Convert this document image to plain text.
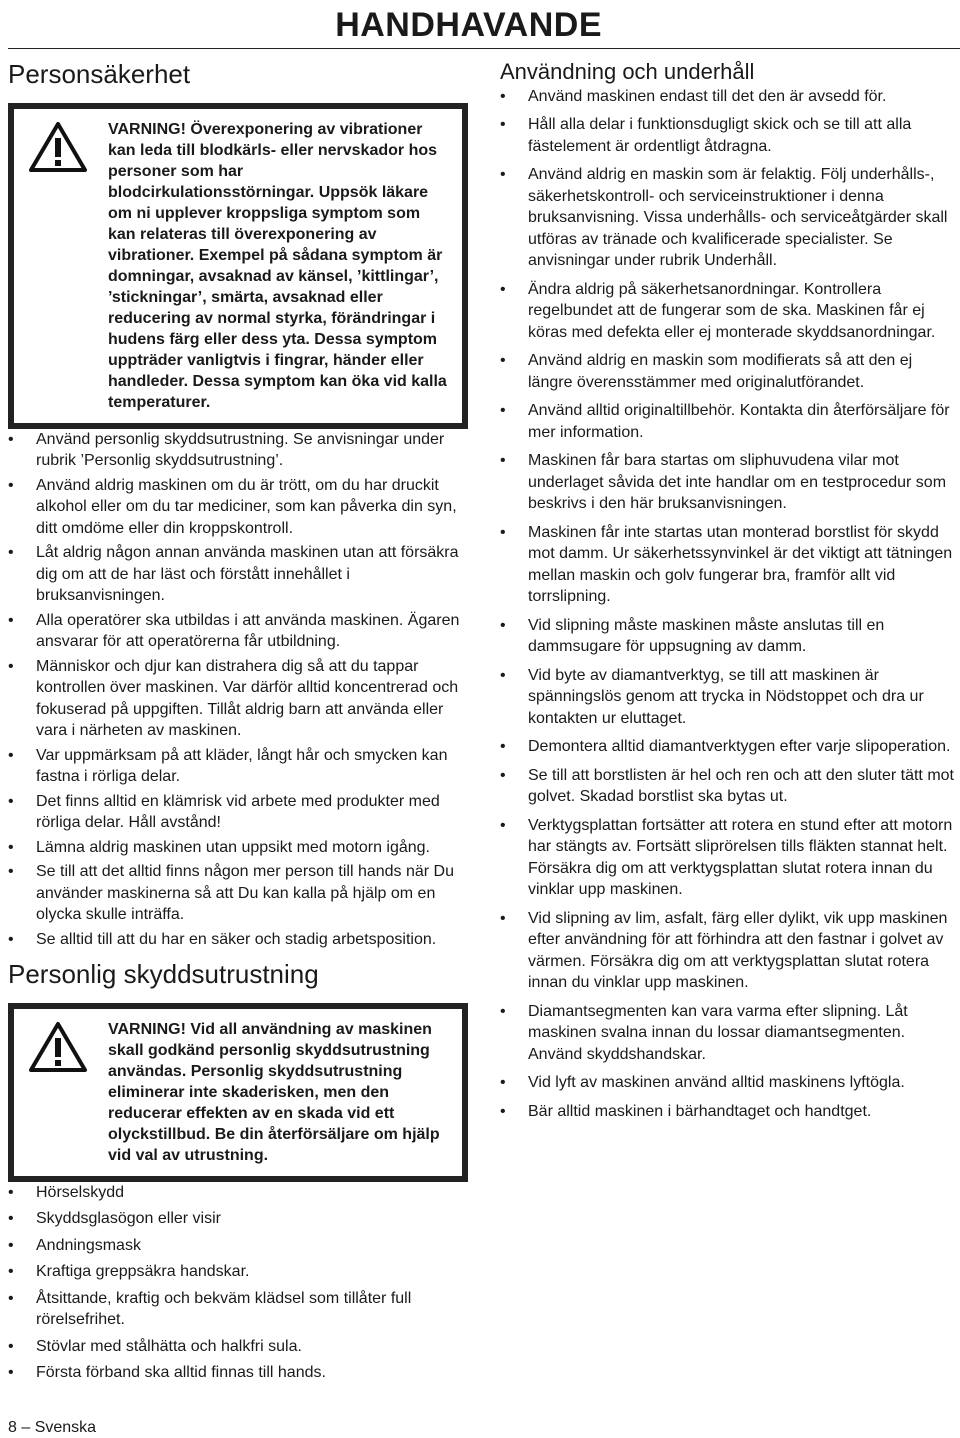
HANDHAVANDE
Personsäkerhet
VARNING! Överexponering av vibrationer kan leda till blodkärls- eller nervskador hos personer som har blodcirkulationsstörningar. Uppsök läkare om ni upplever kroppsliga symptom som kan relateras till överexponering av vibrationer. Exempel på sådana symptom är domningar, avsaknad av känsel, ’kittlingar’, ’stickningar’, smärta, avsaknad eller reducering av normal styrka, förändringar i hudens färg eller dess yta. Dessa symptom uppträder vanligtvis i fingrar, händer eller handleder. Dessa symptom kan öka vid kalla temperaturer.
• Använd personlig skyddsutrustning. Se anvisningar under rubrik ’Personlig skyddsutrustning’.
• Använd aldrig maskinen om du är trött, om du har druckit alkohol eller om du tar mediciner, som kan påverka din syn, ditt omdöme eller din kroppskontroll.
• Låt aldrig någon annan använda maskinen utan att försäkra dig om att de har läst och förstått innehållet i bruksanvisningen.
• Alla operatörer ska utbildas i att använda maskinen. Ägaren ansvarar för att operatörerna får utbildning.
• Människor och djur kan distrahera dig så att du tappar kontrollen över maskinen. Var därför alltid koncentrerad och fokuserad på uppgiften. Tillåt aldrig barn att använda eller vara i närheten av maskinen.
• Var uppmärksam på att kläder, långt hår och smycken kan fastna i rörliga delar.
• Det finns alltid en klämrisk vid arbete med produkter med rörliga delar. Håll avstånd!
• Lämna aldrig maskinen utan uppsikt med motorn igång.
• Se till att det alltid finns någon mer person till hands när Du använder maskinerna så att Du kan kalla på hjälp om en olycka skulle inträffa.
• Se alltid till att du har en säker och stadig arbetsposition.
Personlig skyddsutrustning
VARNING! Vid all användning av maskinen skall godkänd personlig skyddsutrustning användas. Personlig skyddsutrustning eliminerar inte skaderisken, men den reducerar effekten av en skada vid ett olyckstillbud. Be din återförsäljare om hjälp vid val av utrustning.
• Hörselskydd
• Skyddsglasögon eller visir
• Andningsmask
• Kraftiga greppsäkra handskar.
• Åtsittande, kraftig och bekväm klädsel som tillåter full rörelsefrihet.
• Stövlar med stålhätta och halkfri sula.
• Första förband ska alltid finnas till hands.
Användning och underhåll
• Använd maskinen endast till det den är avsedd för.
• Håll alla delar i funktionsdugligt skick och se till att alla fästelement är ordentligt åtdragna.
• Använd aldrig en maskin som är felaktig. Följ underhålls-, säkerhetskontroll- och serviceinstruktioner i denna bruksanvisning. Vissa underhålls- och serviceåtgärder skall utföras av tränade och kvalificerade specialister. Se anvisningar under rubrik Underhåll.
• Ändra aldrig på säkerhetsanordningar. Kontrollera regelbundet att de fungerar som de ska. Maskinen får ej köras med defekta eller ej monterade skyddsanordningar.
• Använd aldrig en maskin som modifierats så att den ej längre överensstämmer med originalutförandet.
• Använd alltid originaltillbehör. Kontakta din återförsäljare för mer information.
• Maskinen får bara startas om sliphuvudena vilar mot underlaget såvida det inte handlar om en testprocedur som beskrivs i den här bruksanvisningen.
• Maskinen får inte startas utan monterad borstlist för skydd mot damm. Ur säkerhetssynvinkel är det viktigt att tätningen mellan maskin och golv fungerar bra, framför allt vid torrslipning.
• Vid slipning måste maskinen måste anslutas till en dammsugare för uppsugning av damm.
• Vid byte av diamantverktyg, se till att maskinen är spänningslös genom att trycka in Nödstoppet och dra ur kontakten ur eluttaget.
• Demontera alltid diamantverktygen efter varje slipoperation.
• Se till att borstlisten är hel och ren och att den sluter tätt mot golvet. Skadad borstlist ska bytas ut.
• Verktygsplattan fortsätter att rotera en stund efter att motorn har stängts av. Fortsätt sliprörelsen tills fläkten stannat helt. Försäkra dig om att verktygsplattan slutat rotera innan du vinklar upp maskinen.
• Vid slipning av lim, asfalt, färg eller dylikt, vik upp maskinen efter användning för att förhindra att den fastnar i golvet av värmen. Försäkra dig om att verktygsplattan slutat rotera innan du vinklar upp maskinen.
• Diamantsegmenten kan vara varma efter slipning. Låt maskinen svalna innan du lossar diamantsegmenten. Använd skyddshandskar.
• Vid lyft av maskinen använd alltid maskinens lyftögla.
• Bär alltid maskinen i bärhandtaget och handtget.
8 – Svenska
